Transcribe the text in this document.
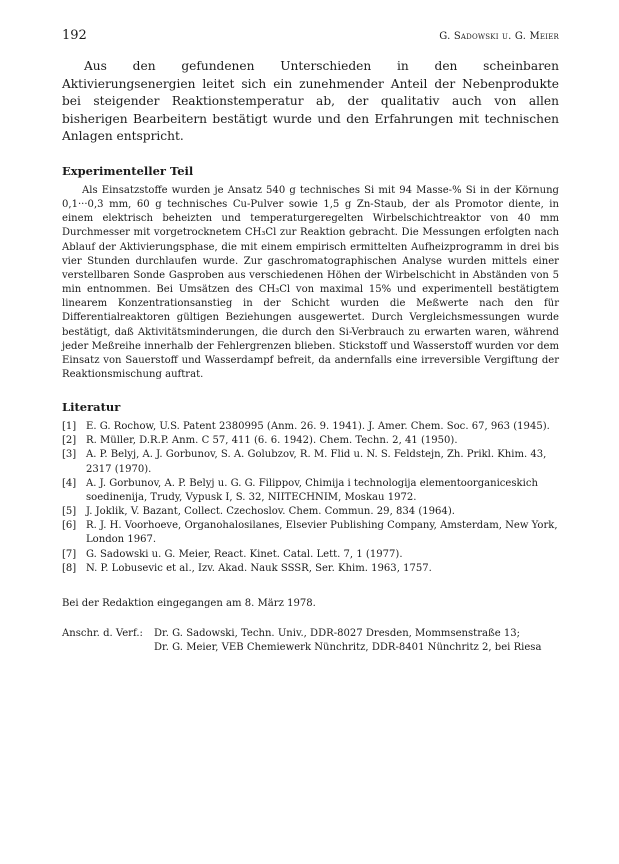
192	G. Sadowski u. G. Meier

Aus den gefundenen Unterschieden in den scheinbaren Aktivierungsenergien leitet sich ein zunehmender Anteil der Nebenprodukte bei steigender Reaktionstemperatur ab, der qualitativ auch von allen bisherigen Bearbeitern bestätigt wurde und den Erfahrungen mit technischen Anlagen entspricht.

Experimenteller Teil

Als Einsatzstoffe wurden je Ansatz 540 g technisches Si mit 94 Masse-% Si in der Körnung 0,1···0,3 mm, 60 g technisches Cu-Pulver sowie 1,5 g Zn-Staub, der als Promotor diente, in einem elektrisch beheizten und temperaturgeregelten Wirbelschichtreaktor von 40 mm Durchmesser mit vorgetrocknetem CH₃Cl zur Reaktion gebracht. Die Messungen erfolgten nach Ablauf der Aktivierungsphase, die mit einem empirisch ermittelten Aufheizprogramm in drei bis vier Stunden durchlaufen wurde. Zur gaschromatographischen Analyse wurden mittels einer verstellbaren Sonde Gasproben aus verschiedenen Höhen der Wirbelschicht in Abständen von 5 min entnommen. Bei Umsätzen des CH₃Cl von maximal 15% und experimentell bestätigtem linearem Konzentrationsanstieg in der Schicht wurden die Meßwerte nach den für Differentialreaktoren gültigen Beziehungen ausgewertet. Durch Vergleichsmessungen wurde bestätigt, daß Aktivitätsminderungen, die durch den Si-Verbrauch zu erwarten waren, während jeder Meßreihe innerhalb der Fehlergrenzen blieben. Stickstoff und Wasserstoff wurden vor dem Einsatz von Sauerstoff und Wasserdampf befreit, da andernfalls eine irreversible Vergiftung der Reaktionsmischung auftrat.

Literatur
[1] E. G. Rochow, U.S. Patent 2380995 (Anm. 26. 9. 1941). J. Amer. Chem. Soc. 67, 963 (1945).
[2] R. Müller, D.R.P. Anm. C 57, 411 (6. 6. 1942). Chem. Techn. 2, 41 (1950).
[3] A. P. Belyj, A. J. Gorbunov, S. A. Golubzov, R. M. Flid u. N. S. Feldstejn, Zh. Prikl. Khim. 43, 2317 (1970).
[4] A. J. Gorbunov, A. P. Belyj u. G. G. Filippov, Chimija i technologija elementoorganiceskich soedinenija, Trudy, Vypusk I, S. 32, NIITECHNIM, Moskau 1972.
[5] J. Joklik, V. Bazant, Collect. Czechoslov. Chem. Commun. 29, 834 (1964).
[6] R. J. H. Voorhoeve, Organohalosilanes, Elsevier Publishing Company, Amsterdam, New York, London 1967.
[7] G. Sadowski u. G. Meier, React. Kinet. Catal. Lett. 7, 1 (1977).
[8] N. P. Lobusevic et al., Izv. Akad. Nauk SSSR, Ser. Khim. 1963, 1757.

Bei der Redaktion eingegangen am 8. März 1978.

Anschr. d. Verf.:	Dr. G. Sadowski, Techn. Univ., DDR-8027 Dresden, Mommsenstraße 13;
Dr. G. Meier, VEB Chemiewerk Nünchritz, DDR-8401 Nünchritz 2, bei Riesa
